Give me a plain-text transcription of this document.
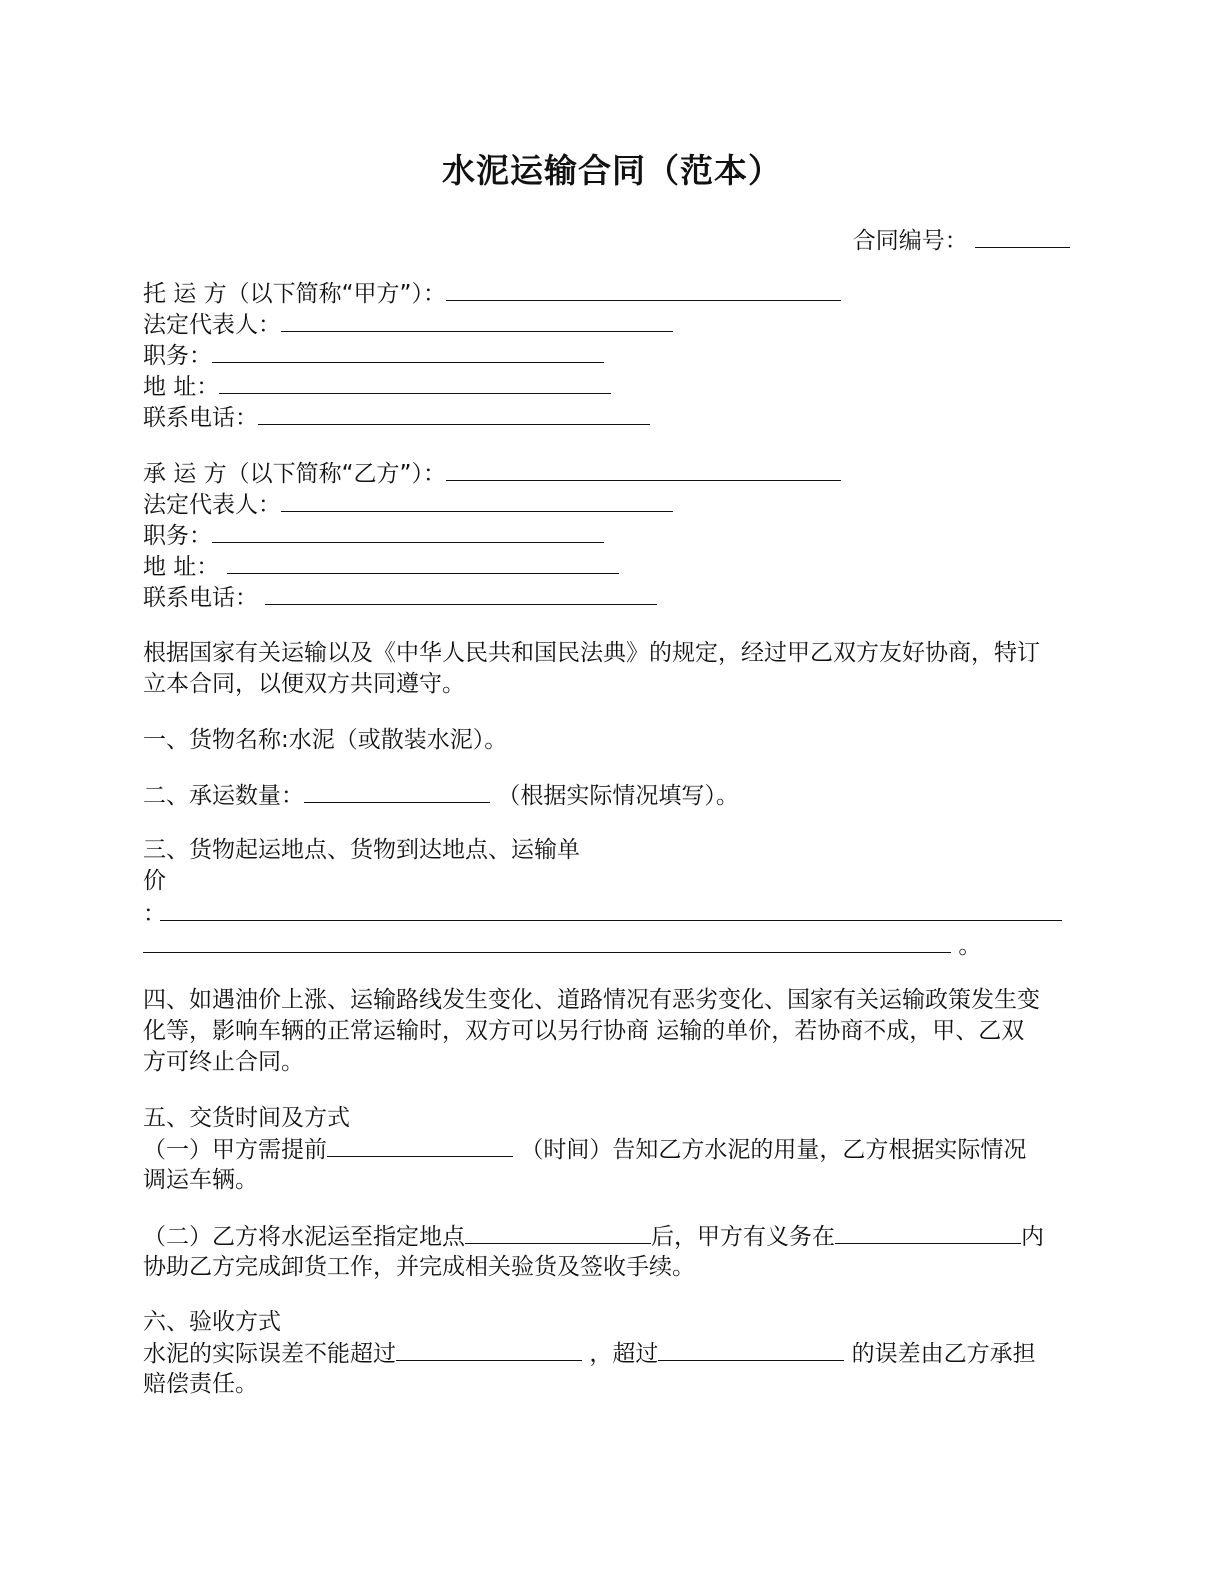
水泥运输合同（范本）
合同编号：
托 运 方（以下简称“甲方”）：
法定代表人：
职务：
地 址：
联系电话：
承 运 方（以下简称“乙方”）：
法定代表人：
职务：
地 址：
联系电话：
根据国家有关运输以及《中华人民共和国民法典》的规定，经过甲乙双方友好协商，特订
立本合同，以便双方共同遵守。
一、货物名称:水泥（或散装水泥）。
二、承运数量：	（根据实际情况填写）。
三、货物起运地点、货物到达地点、运输单
价
：
。
四、如遇油价上涨、运输路线发生变化、道路情况有恶劣变化、国家有关运输政策发生变
化等，影响车辆的正常运输时，双方可以另行协商 运输的单价，若协商不成，甲、乙双
方可终止合同。
五、交货时间及方式
（一）甲方需提前	（时间）告知乙方水泥的用量，乙方根据实际情况
调运车辆。
（二）乙方将水泥运至指定地点	后，甲方有义务在	内
协助乙方完成卸货工作，并完成相关验货及签收手续。
六、验收方式
水泥的实际误差不能超过	，超过	的误差由乙方承担
赔偿责任。
